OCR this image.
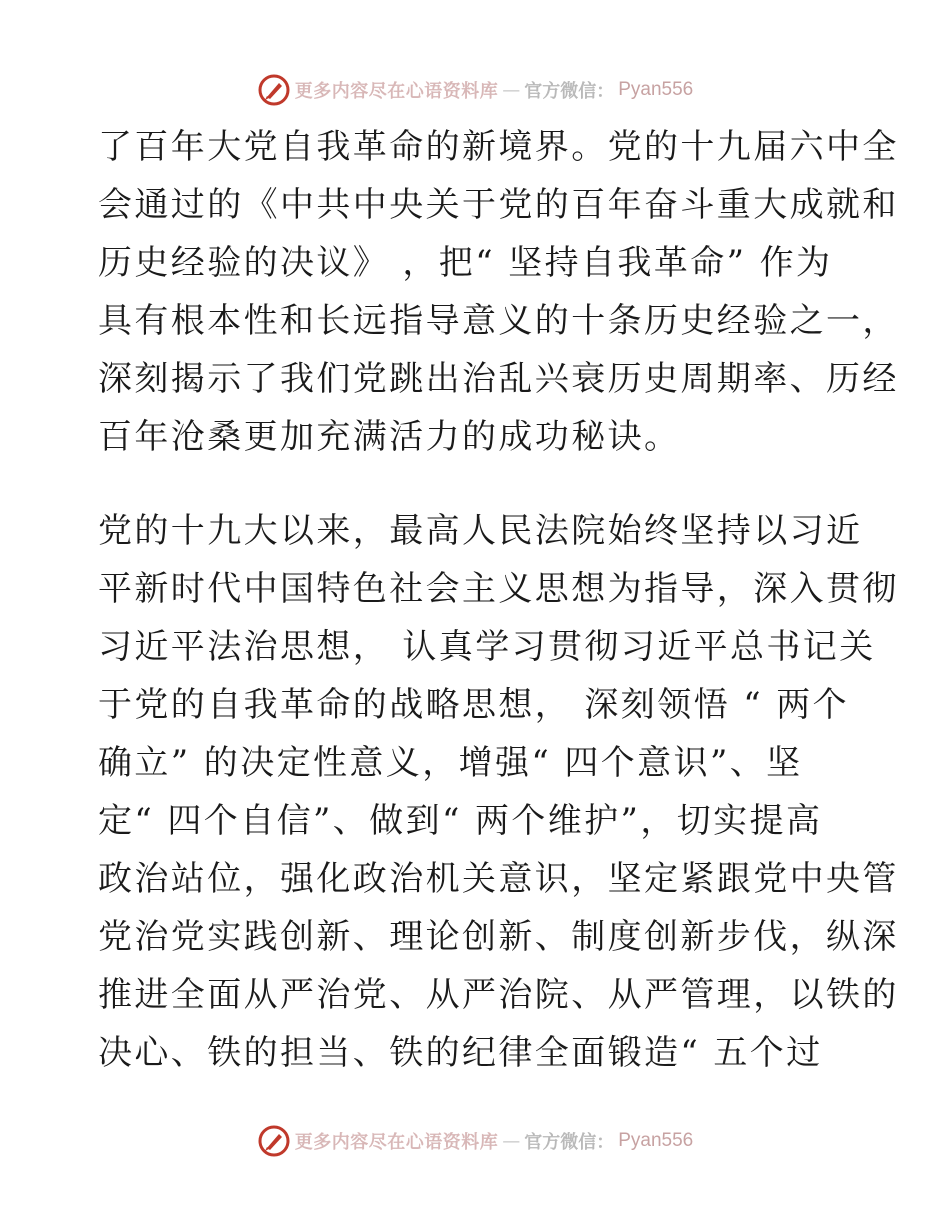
更多内容尽在心语资料库 — 官方微信： Pyan556
了百年大党自我革命的新境界。党的十九届六中全
会通过的《中共中央关于党的百年奋斗重大成就和
历史经验的决议》 ，把“ 坚持自我革命” 作为
具有根本性和长远指导意义的十条历史经验之一，
深刻揭示了我们党跳出治乱兴衰历史周期率、历经
百年沧桑更加充满活力的成功秘诀。
党的十九大以来，最高人民法院始终坚持以习近
平新时代中国特色社会主义思想为指导，深入贯彻
习近平法治思想， 认真学习贯彻习近平总书记关
于党的自我革命的战略思想， 深刻领悟 “ 两个
确立” 的决定性意义，增强“ 四个意识”、坚
定“ 四个自信”、做到“ 两个维护”，切实提高
政治站位，强化政治机关意识，坚定紧跟党中央管
党治党实践创新、理论创新、制度创新步伐，纵深
推进全面从严治党、从严治院、从严管理，以铁的
决心、铁的担当、铁的纪律全面锻造“ 五个过
更多内容尽在心语资料库 — 官方微信： Pyan556
